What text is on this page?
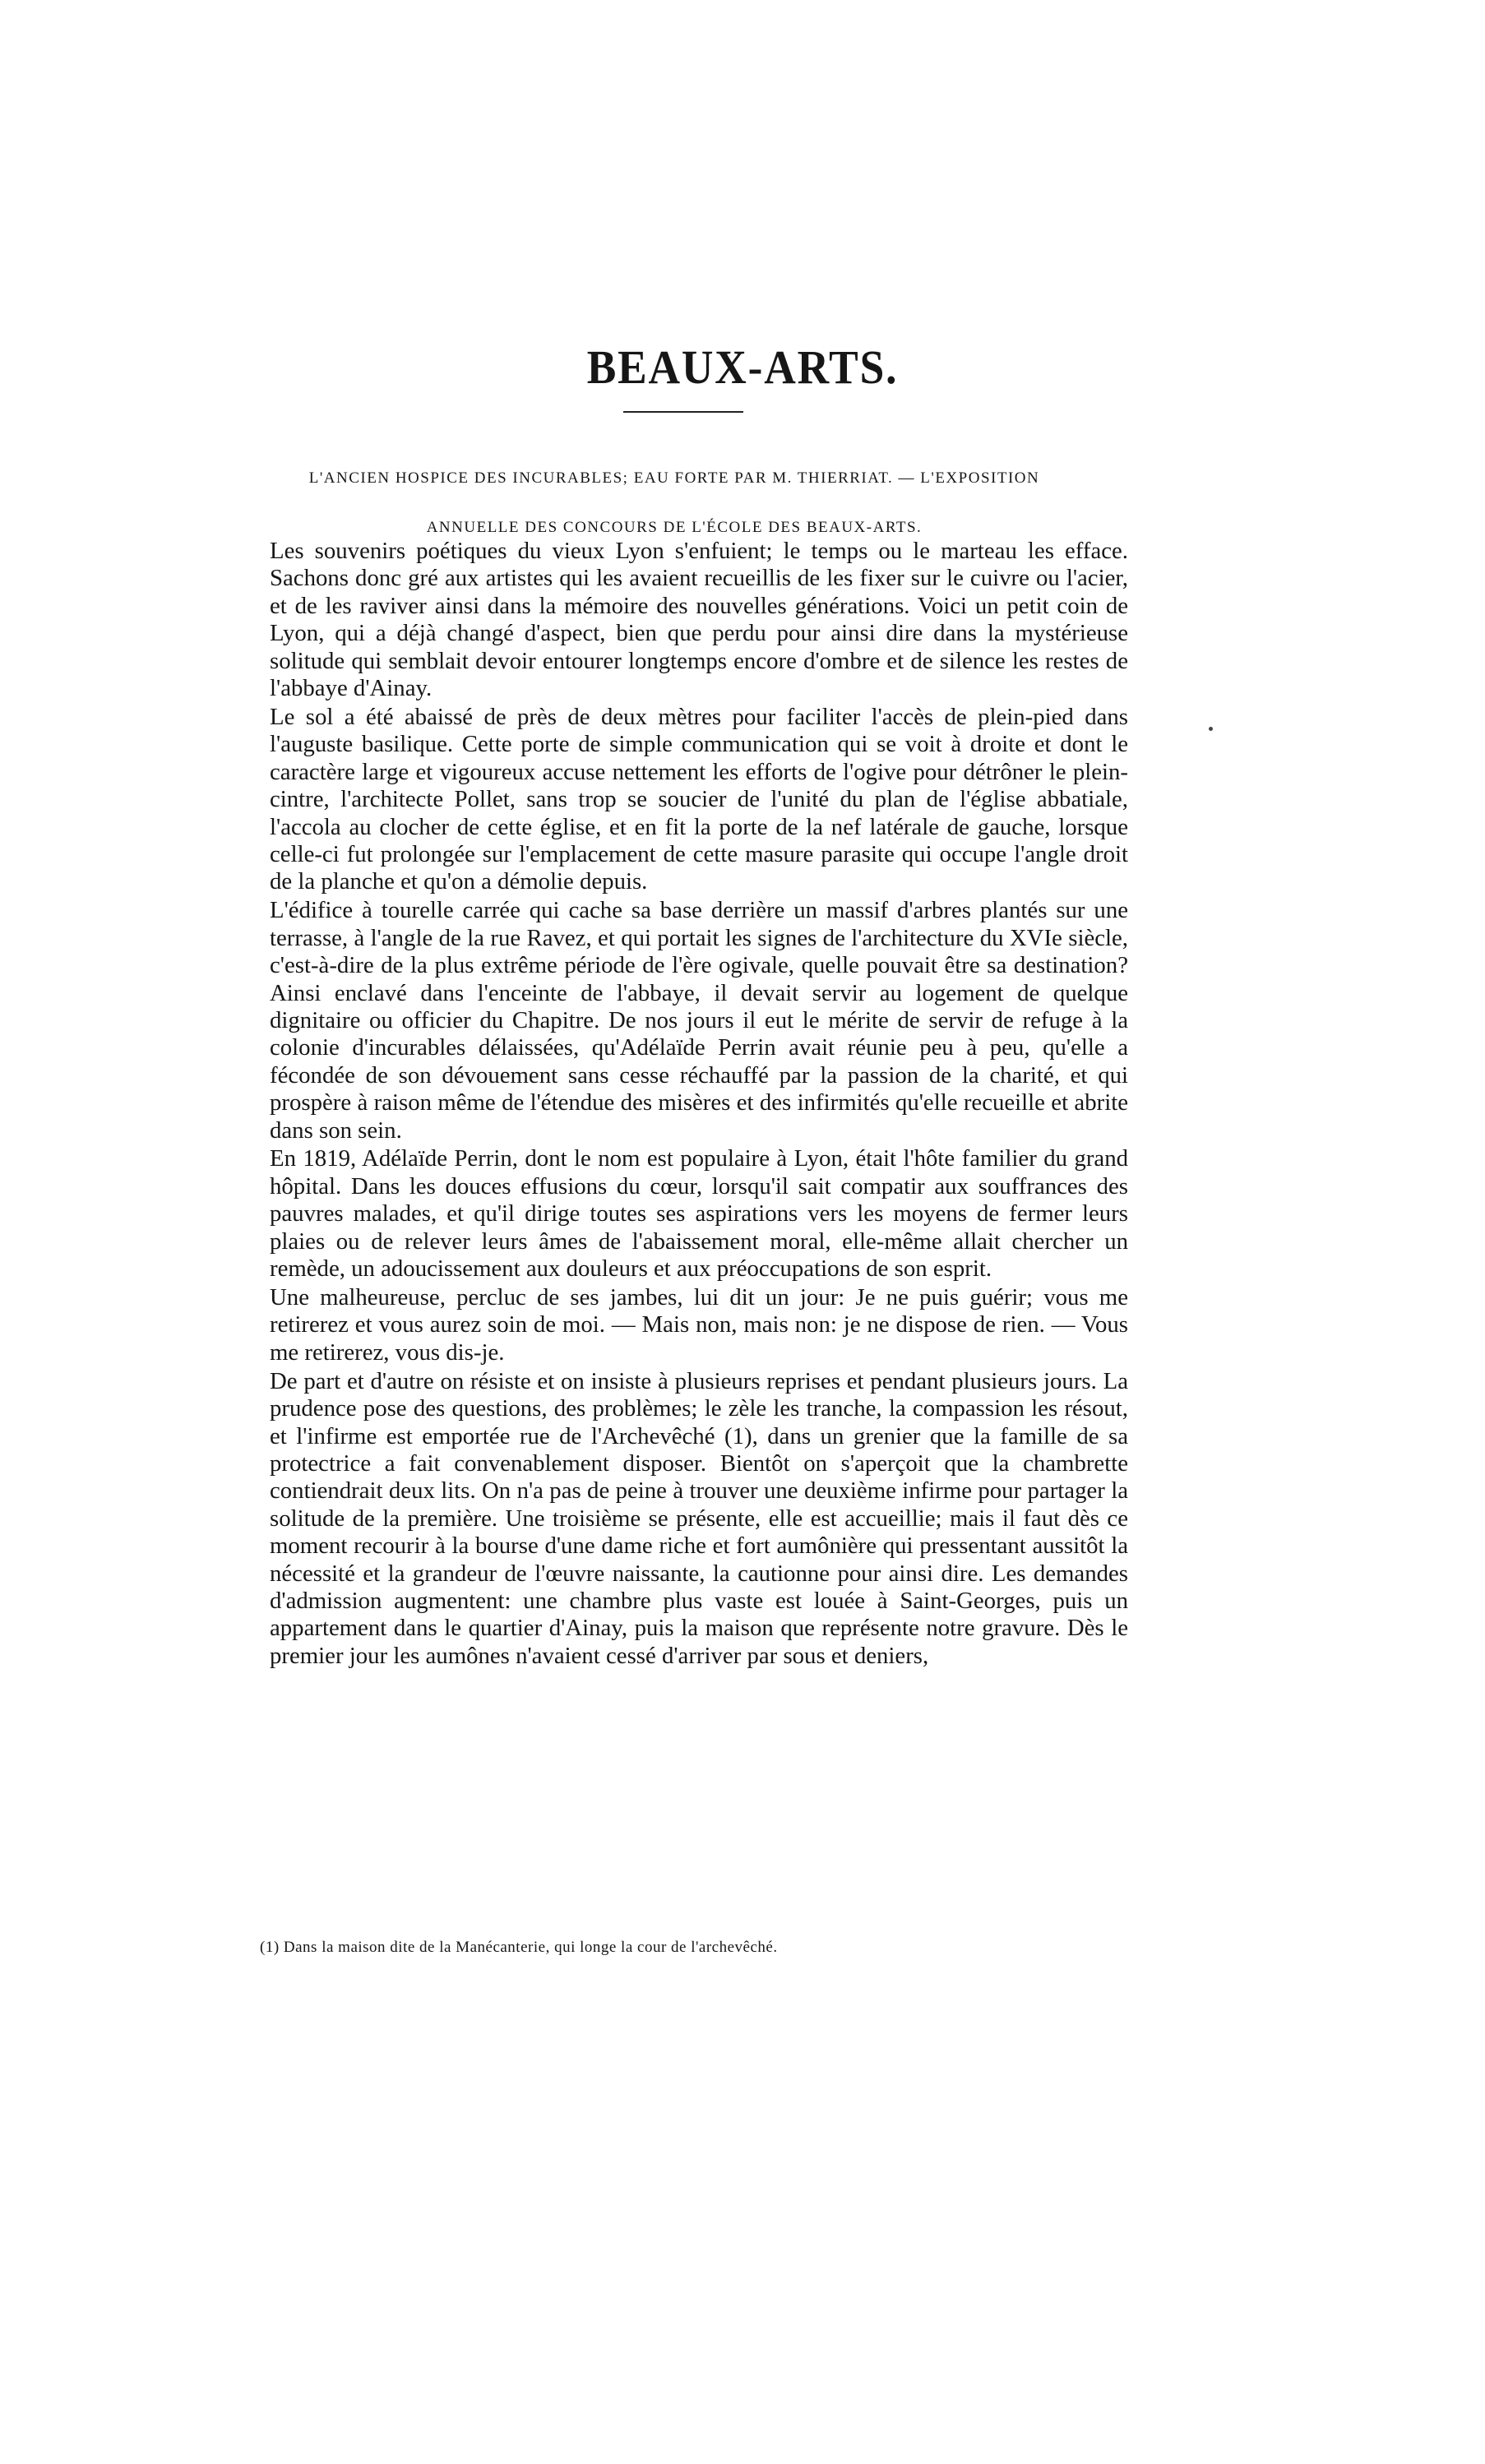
BEAUX-ARTS.
L'ANCIEN HOSPICE DES INCURABLES; EAU FORTE PAR M. THIERRIAT. — L'EXPOSITION
ANNUELLE DES CONCOURS DE L'ÉCOLE DES BEAUX-ARTS.

Les souvenirs poétiques du vieux Lyon s'enfuient; le temps ou le marteau les efface. Sachons donc gré aux artistes qui les avaient recueillis de les fixer sur le cuivre ou l'acier, et de les raviver ainsi dans la mémoire des nouvelles générations. Voici un petit coin de Lyon, qui a déjà changé d'aspect, bien que perdu pour ainsi dire dans la mystérieuse solitude qui semblait devoir entourer longtemps encore d'ombre et de silence les restes de l'abbaye d'Ainay.

Le sol a été abaissé de près de deux mètres pour faciliter l'accès de plein-pied dans l'auguste basilique. Cette porte de simple communication qui se voit à droite et dont le caractère large et vigoureux accuse nettement les efforts de l'ogive pour détrôner le plein-cintre, l'architecte Pollet, sans trop se soucier de l'unité du plan de l'église abbatiale, l'accola au clocher de cette église, et en fit la porte de la nef latérale de gauche, lorsque celle-ci fut prolongée sur l'emplacement de cette masure parasite qui occupe l'angle droit de la planche et qu'on a démolie depuis.

L'édifice à tourelle carrée qui cache sa base derrière un massif d'arbres plantés sur une terrasse, à l'angle de la rue Ravez, et qui portait les signes de l'architecture du XVIe siècle, c'est-à-dire de la plus extrême période de l'ère ogivale, quelle pouvait être sa destination? Ainsi enclavé dans l'enceinte de l'abbaye, il devait servir au logement de quelque dignitaire ou officier du Chapitre. De nos jours il eut le mérite de servir de refuge à la colonie d'incurables délaissées, qu'Adélaïde Perrin avait réunie peu à peu, qu'elle a fécondée de son dévouement sans cesse réchauffé par la passion de la charité, et qui prospère à raison même de l'étendue des misères et des infirmités qu'elle recueille et abrite dans son sein.

En 1819, Adélaïde Perrin, dont le nom est populaire à Lyon, était l'hôte familier du grand hôpital. Dans les douces effusions du cœur, lorsqu'il sait compatir aux souffrances des pauvres malades, et qu'il dirige toutes ses aspirations vers les moyens de fermer leurs plaies ou de relever leurs âmes de l'abaissement moral, elle-même allait chercher un remède, un adoucissement aux douleurs et aux préoccupations de son esprit.

Une malheureuse, percluc de ses jambes, lui dit un jour: Je ne puis guérir; vous me retirerez et vous aurez soin de moi. — Mais non, mais non: je ne dispose de rien. — Vous me retirerez, vous dis-je.

De part et d'autre on résiste et on insiste à plusieurs reprises et pendant plusieurs jours. La prudence pose des questions, des problèmes; le zèle les tranche, la compassion les résout, et l'infirme est emportée rue de l'Archevêché (1), dans un grenier que la famille de sa protectrice a fait convenablement disposer. Bientôt on s'aperçoit que la chambrette contiendrait deux lits. On n'a pas de peine à trouver une deuxième infirme pour partager la solitude de la première. Une troisième se présente, elle est accueillie; mais il faut dès ce moment recourir à la bourse d'une dame riche et fort aumônière qui pressentant aussitôt la nécessité et la grandeur de l'œuvre naissante, la cautionne pour ainsi dire. Les demandes d'admission augmentent: une chambre plus vaste est louée à Saint-Georges, puis un appartement dans le quartier d'Ainay, puis la maison que représente notre gravure. Dès le premier jour les aumônes n'avaient cessé d'arriver par sous et deniers,

(1) Dans la maison dite de la Manécanterie, qui longe la cour de l'archevêché.
